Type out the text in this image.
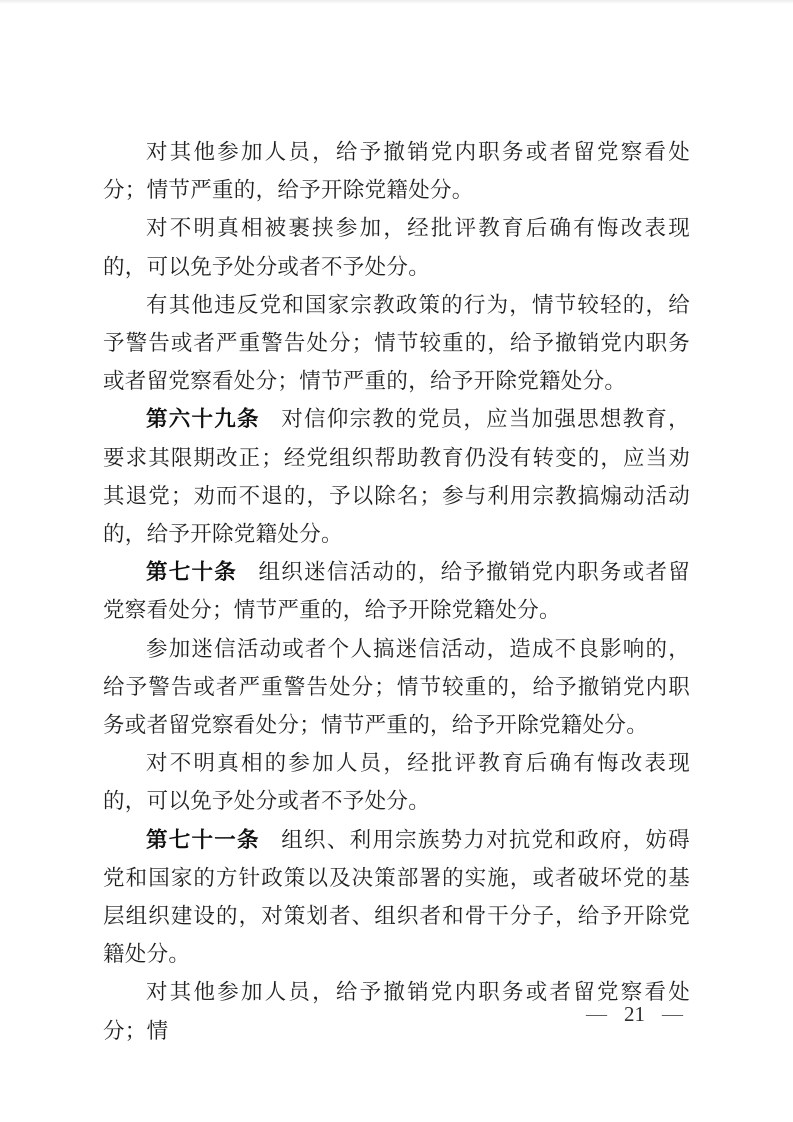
对其他参加人员，给予撤销党内职务或者留党察看处分；情节严重的，给予开除党籍处分。

对不明真相被裹挟参加，经批评教育后确有悔改表现的，可以免予处分或者不予处分。

有其他违反党和国家宗教政策的行为，情节较轻的，给予警告或者严重警告处分；情节较重的，给予撤销党内职务或者留党察看处分；情节严重的，给予开除党籍处分。

第六十九条 对信仰宗教的党员，应当加强思想教育，要求其限期改正；经党组织帮助教育仍没有转变的，应当劝其退党；劝而不退的，予以除名；参与利用宗教搞煽动活动的，给予开除党籍处分。

第七十条 组织迷信活动的，给予撤销党内职务或者留党察看处分；情节严重的，给予开除党籍处分。

参加迷信活动或者个人搞迷信活动，造成不良影响的，给予警告或者严重警告处分；情节较重的，给予撤销党内职务或者留党察看处分；情节严重的，给予开除党籍处分。

对不明真相的参加人员，经批评教育后确有悔改表现的，可以免予处分或者不予处分。

第七十一条 组织、利用宗族势力对抗党和政府，妨碍党和国家的方针政策以及决策部署的实施，或者破坏党的基层组织建设的，对策划者、组织者和骨干分子，给予开除党籍处分。

对其他参加人员，给予撤销党内职务或者留党察看处分；情

— 21 —
